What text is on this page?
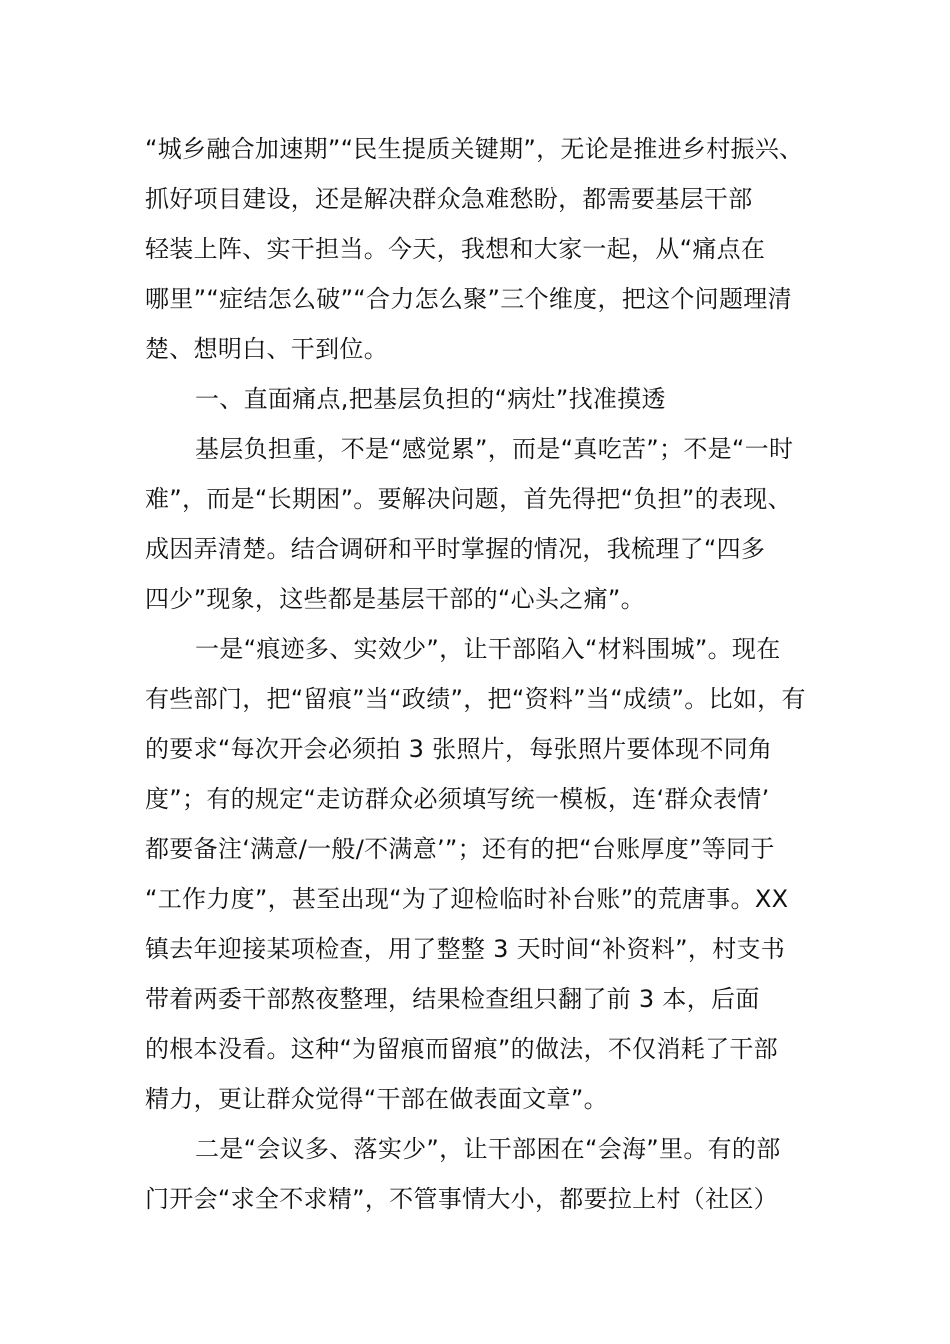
“城乡融合加速期”“民生提质关键期”，无论是推进乡村振兴、
抓好项目建设，还是解决群众急难愁盼，都需要基层干部
轻装上阵、实干担当。今天，我想和大家一起，从“痛点在
哪里”“症结怎么破”“合力怎么聚”三个维度，把这个问题理清
楚、想明白、干到位。
一、直面痛点,把基层负担的“病灶”找准摸透
基层负担重，不是“感觉累”，而是“真吃苦”；不是“一时
难”，而是“长期困”。要解决问题，首先得把“负担”的表现、
成因弄清楚。结合调研和平时掌握的情况，我梳理了“四多
四少”现象，这些都是基层干部的“心头之痛”。
一是“痕迹多、实效少”，让干部陷入“材料围城”。现在
有些部门，把“留痕”当“政绩”，把“资料”当“成绩”。比如，有
的要求“每次开会必须拍 3 张照片，每张照片要体现不同角
度”；有的规定“走访群众必须填写统一模板，连‘群众表情’
都要备注‘满意/一般/不满意’”；还有的把“台账厚度”等同于
“工作力度”，甚至出现“为了迎检临时补台账”的荒唐事。XX
镇去年迎接某项检查，用了整整 3 天时间“补资料”，村支书
带着两委干部熬夜整理，结果检查组只翻了前 3 本，后面
的根本没看。这种“为留痕而留痕”的做法，不仅消耗了干部
精力，更让群众觉得“干部在做表面文章”。
二是“会议多、落实少”，让干部困在“会海”里。有的部
门开会“求全不求精”，不管事情大小，都要拉上村（社区）
